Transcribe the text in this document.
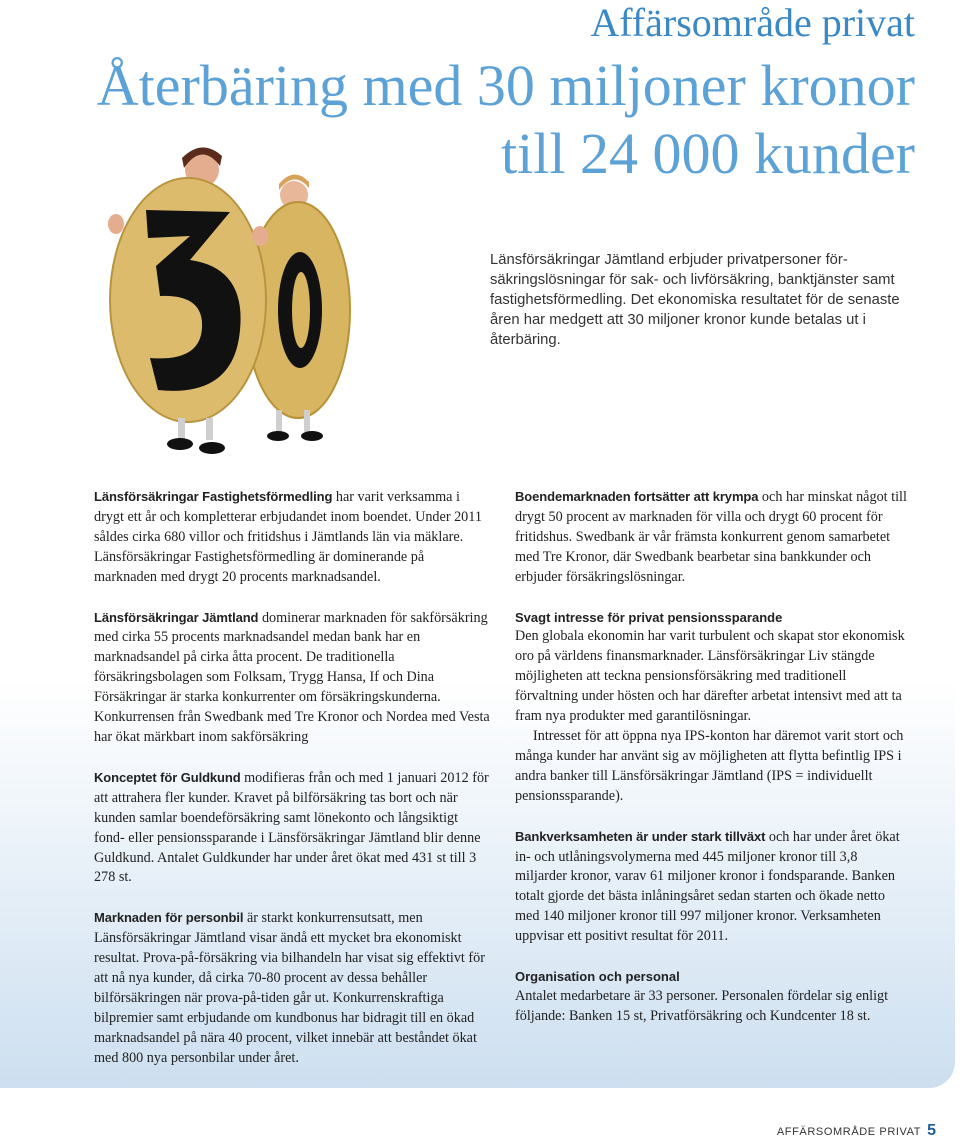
Affärsområde privat
Återbäring med 30 miljoner kronor
till 24 000 kunder

Länsförsäkringar Jämtland erbjuder privatpersoner för-säkringslösningar för sak- och livförsäkring, banktjänster samt fastighetsförmedling. Det ekonomiska resultatet för de senaste åren har medgett att 30 miljoner kronor kunde betalas ut i återbäring.

Länsförsäkringar Fastighetsförmedling har varit verksamma i drygt ett år och kompletterar erbjudandet inom boendet. Under 2011 såldes cirka 680 villor och fritidshus i Jämtlands län via mäklare. Länsförsäkringar Fastighetsförmedling är dominerande på marknaden med drygt 20 procents marknadsandel.

Länsförsäkringar Jämtland dominerar marknaden för sakförsäkring med cirka 55 procents marknadsandel medan bank har en marknadsandel på cirka åtta procent. De traditionella försäkringsbolagen som Folksam, Trygg Hansa, If och Dina Försäkringar är starka konkurrenter om försäkringskunderna. Konkurrensen från Swedbank med Tre Kronor och Nordea med Vesta har ökat märkbart inom sakförsäkring

Konceptet för Guldkund modifieras från och med 1 januari 2012 för att attrahera fler kunder. Kravet på bilförsäkring tas bort och när kunden samlar boendeförsäkring samt lönekonto och långsiktigt fond- eller pensionssparande i Länsförsäkringar Jämtland blir denne Guldkund. Antalet Guldkunder har under året ökat med 431 st till 3 278 st.

Marknaden för personbil är starkt konkurrensutsatt, men Länsförsäkringar Jämtland visar ändå ett mycket bra ekonomiskt resultat. Prova-på-försäkring via bilhandeln har visat sig effektivt för att nå nya kunder, då cirka 70-80 procent av dessa behåller bilförsäkringen när prova-på-tiden går ut. Konkurrenskraftiga bilpremier samt erbjudande om kundbonus har bidragit till en ökad marknadsandel på nära 40 procent, vilket innebär att beståndet ökat med 800 nya personbilar under året.

Boendemarknaden fortsätter att krympa och har minskat något till drygt 50 procent av marknaden för villa och drygt 60 procent för fritidshus. Swedbank är vår främsta konkurrent genom samarbetet med Tre Kronor, där Swedbank bearbetar sina bankkunder och erbjuder försäkringslösningar.

Svagt intresse för privat pensionssparande
Den globala ekonomin har varit turbulent och skapat stor ekonomisk oro på världens finansmarknader. Länsförsäkringar Liv stängde möjligheten att teckna pensionsförsäkring med traditionell förvaltning under hösten och har därefter arbetat intensivt med att ta fram nya produkter med garantilösningar.

Intresset för att öppna nya IPS-konton har däremot varit stort och många kunder har använt sig av möjligheten att flytta befintlig IPS i andra banker till Länsförsäkringar Jämtland (IPS = individuellt pensionssparande).

Bankverksamheten är under stark tillväxt och har under året ökat in- och utlåningsvolymerna med 445 miljoner kronor till 3,8 miljarder kronor, varav 61 miljoner kronor i fondsparande. Banken totalt gjorde det bästa inlåningsåret sedan starten och ökade netto med 140 miljoner kronor till 997 miljoner kronor. Verksamheten uppvisar ett positivt resultat för 2011.

Organisation och personal
Antalet medarbetare är 33 personer. Personalen fördelar sig enligt följande: Banken 15 st, Privatförsäkring och Kundcenter 18 st.

AFFÄRSOMRÅDE PRIVAT 5
